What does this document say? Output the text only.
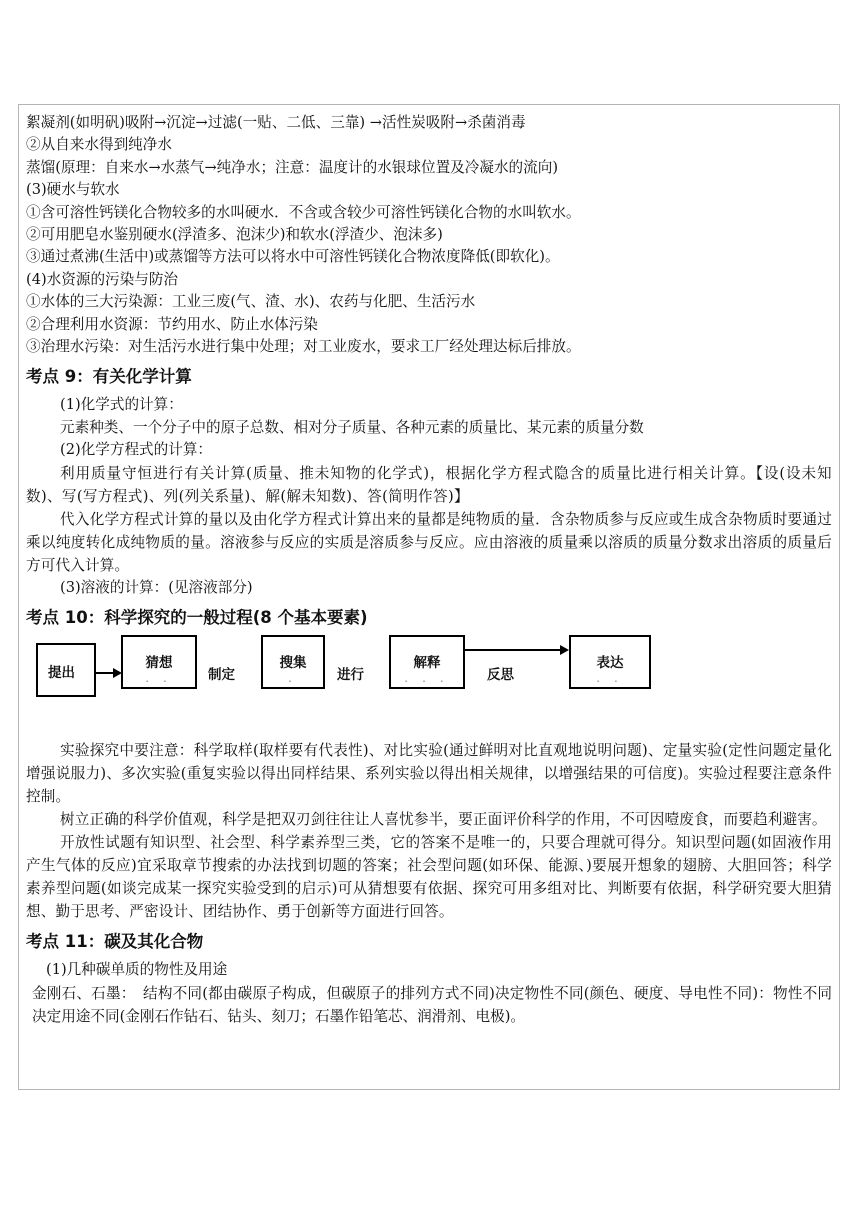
絮凝剂(如明矾)吸附→沉淀→过滤(一贴、二低、三靠) →活性炭吸附→杀菌消毒
②从自来水得到纯净水
蒸馏(原理：自来水→水蒸气→纯净水；注意：温度计的水银球位置及冷凝水的流向)
(3)硬水与软水
①含可溶性钙镁化合物较多的水叫硬水．不含或含较少可溶性钙镁化合物的水叫软水。
②可用肥皂水鉴别硬水(浮渣多、泡沫少)和软水(浮渣少、泡沫多)
③通过煮沸(生活中)或蒸馏等方法可以将水中可溶性钙镁化合物浓度降低(即软化)。
(4)水资源的污染与防治
①水体的三大污染源：工业三废(气、渣、水)、农药与化肥、生活污水
②合理利用水资源：节约用水、防止水体污染
③治理水污染：对生活污水进行集中处理；对工业废水，要求工厂经处理达标后排放。
考点 9：有关化学计算
(1)化学式的计算：
元素种类、一个分子中的原子总数、相对分子质量、各种元素的质量比、某元素的质量分数
(2)化学方程式的计算：
利用质量守恒进行有关计算(质量、推未知物的化学式)，根据化学方程式隐含的质量比进行相关计算。【设(设未知数)、写(写方程式)、列(列关系量)、解(解未知数)、答(简明作答)】
代入化学方程式计算的量以及由化学方程式计算出来的量都是纯物质的量．含杂物质参与反应或生成含杂物质时要通过乘以纯度转化成纯物质的量。溶液参与反应的实质是溶质参与反应。应由溶液的质量乘以溶质的质量分数求出溶质的质量后方可代入计算。
(3)溶液的计算：(见溶液部分)
考点 10：科学探究的一般过程(8 个基本要素)
提出
猜想
. .	制定
搜集
.	进行
解释
. . .	反思
表达
. .
实验探究中要注意：科学取样(取样要有代表性)、对比实验(通过鲜明对比直观地说明问题)、定量实验(定性问题定量化增强说服力)、多次实验(重复实验以得出同样结果、系列实验以得出相关规律，以增强结果的可信度)。实验过程要注意条件控制。
树立正确的科学价值观，科学是把双刃剑往往让人喜忧参半，要正面评价科学的作用，不可因噎废食，而要趋利避害。
开放性试题有知识型、社会型、科学素养型三类，它的答案不是唯一的，只要合理就可得分。知识型问题(如固液作用产生气体的反应)宜采取章节搜索的办法找到切题的答案；社会型问题(如环保、能源、)要展开想象的翅膀、大胆回答；科学素养型问题(如谈完成某一探究实验受到的启示)可从猜想要有依据、探究可用多组对比、判断要有依据，科学研究要大胆猜想、勤于思考、严密设计、团结协作、勇于创新等方面进行回答。
考点 11：碳及其化合物
(1)几种碳单质的物性及用途
金刚石、石墨：　结构不同(都由碳原子构成，但碳原子的排列方式不同)决定物性不同(颜色、硬度、导电性不同)：物性不同决定用途不同(金刚石作钻石、钻头、刻刀；石墨作铅笔芯、润滑剂、电极)。
